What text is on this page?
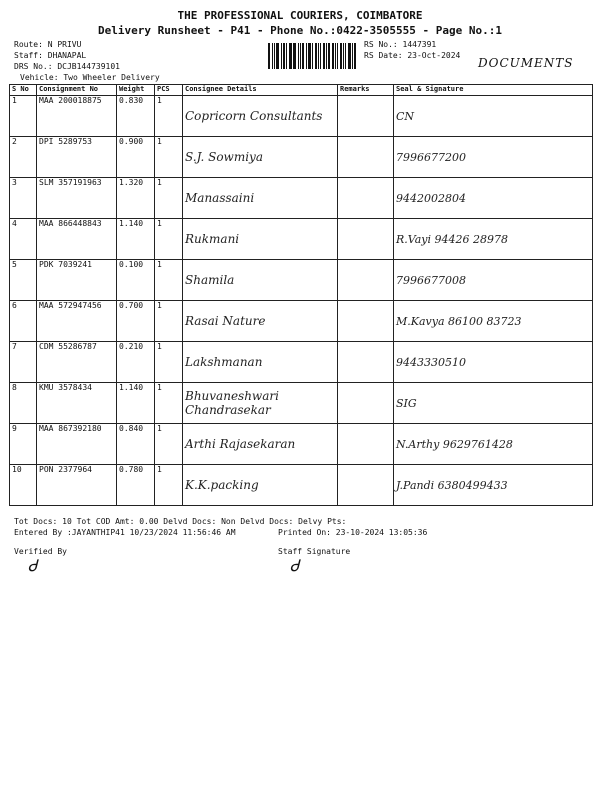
THE PROFESSIONAL COURIERS, COIMBATORE
Delivery Runsheet - P41 - Phone No.:0422-3505555 - Page No.:1
Route: N PRIVU
Staff: DHANAPAL
DRS No.: DCJB144739101
Vehicle: Two Wheeler Delivery
RS No.: 1447391
RS Date: 23-Oct-2024
DOCUMENTS
S No	Consignment No	Weight	PCS	Consignee Details	Remarks	Seal & Signature
1	MAA 200018875	0.830	1	Copricorn Consultants		CN
2	DPI 5289753	0.900	1	S.J. Sowmiya		7996677200
3	SLM 357191963	1.320	1	Manassaini		9442002804
4	MAA 866448843	1.140	1	Rukmani		R.Vayi 94426 28978
5	PDK 7039241	0.100	1	Shamila		7996677008
6	MAA 572947456	0.700	1	Rasai Nature		M.Kavya 86100 83723
7	CDM 55286787	0.210	1	Lakshmanan		9443330510
8	KMU 3578434	1.140	1	Bhuvaneshwari Chandrasekar		SIG
9	MAA 867392180	0.840	1	Arthi Rajasekaran		N.Arthy 9629761428
10	PON 2377964	0.780	1	K.K.packing		J.Pandi 6380499433
Tot Docs: 10 Tot COD Amt: 0.00 Delvd Docs: Non Delvd Docs: Delvy Pts:
Entered By :JAYANTHIP41 10/23/2024 11:56:46 AM	Printed On: 23-10-2024 13:05:36
Verified By	Staff Signature
Ꮷ	Ꮷ
